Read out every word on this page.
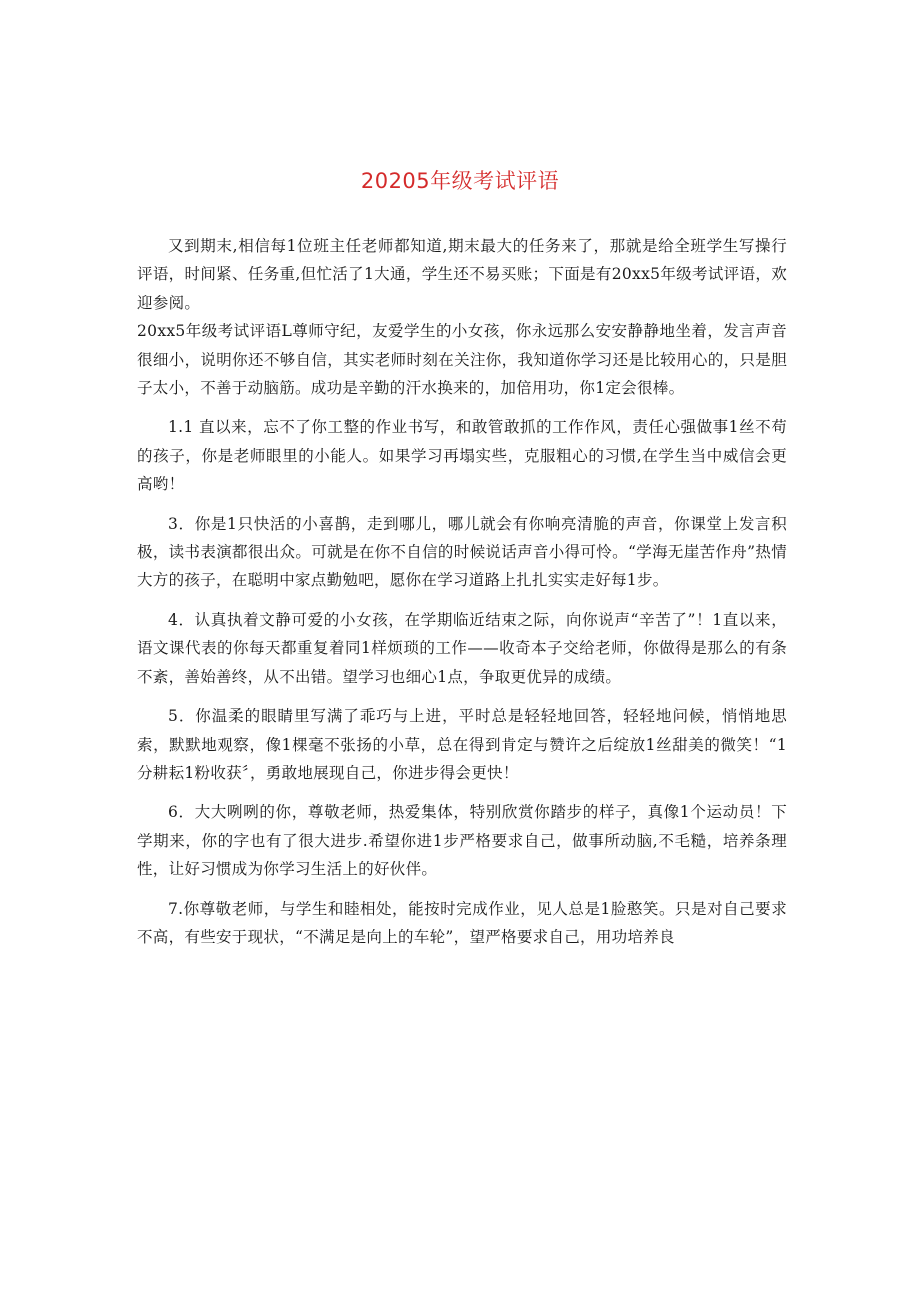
20205年级考试评语

又到期末,相信每1位班主任老师都知道,期末最大的任务来了，那就是给全班学生写操行评语，时间紧、任务重,但忙活了1大通，学生还不易买账；下面是有20xx5年级考试评语，欢迎参阅。

20xx5年级考试评语L尊师守纪，友爱学生的小女孩，你永远那么安安静静地坐着，发言声音很细小，说明你还不够自信，其实老师时刻在关注你，我知道你学习还是比较用心的，只是胆子太小，不善于动脑筋。成功是辛勤的汗水换来的，加倍用功，你1定会很棒。

1.1 直以来，忘不了你工整的作业书写，和敢管敢抓的工作作风，责任心强做事1丝不苟的孩子，你是老师眼里的小能人。如果学习再塌实些，克服粗心的习惯,在学生当中威信会更高哟！

3．你是1只快活的小喜鹊，走到哪儿，哪儿就会有你响亮清脆的声音，你课堂上发言积极，读书表演都很出众。可就是在你不自信的时候说话声音小得可怜。“学海无崖苦作舟”热情大方的孩子，在聪明中家点勤勉吧，愿你在学习道路上扎扎实实走好每1步。

4．认真执着文静可爱的小女孩，在学期临近结束之际，向你说声“辛苦了”！1直以来，语文课代表的你每天都重复着同1样烦琐的工作——收奇本子交给老师，你做得是那么的有条不紊，善始善终，从不出错。望学习也细心1点，争取更优异的成绩。

5．你温柔的眼睛里写满了乖巧与上进，平时总是轻轻地回答，轻轻地问候，悄悄地思索，默默地观察，像1棵毫不张扬的小草，总在得到肯定与赞许之后绽放1丝甜美的微笑！“1分耕耘1粉收获〞，勇敢地展现自己，你进步得会更快！

6．大大咧咧的你，尊敬老师，热爱集体，特别欣赏你踏步的样子，真像1个运动员！下学期来，你的字也有了很大进步.希望你进1步严格要求自己，做事所动脑,不毛糙，培养条理性，让好习惯成为你学习生活上的好伙伴。

7.你尊敬老师，与学生和睦相处，能按时完成作业，见人总是1脸憨笑。只是对自己要求不高，有些安于现状，“不满足是向上的车轮”，望严格要求自己，用功培养良
